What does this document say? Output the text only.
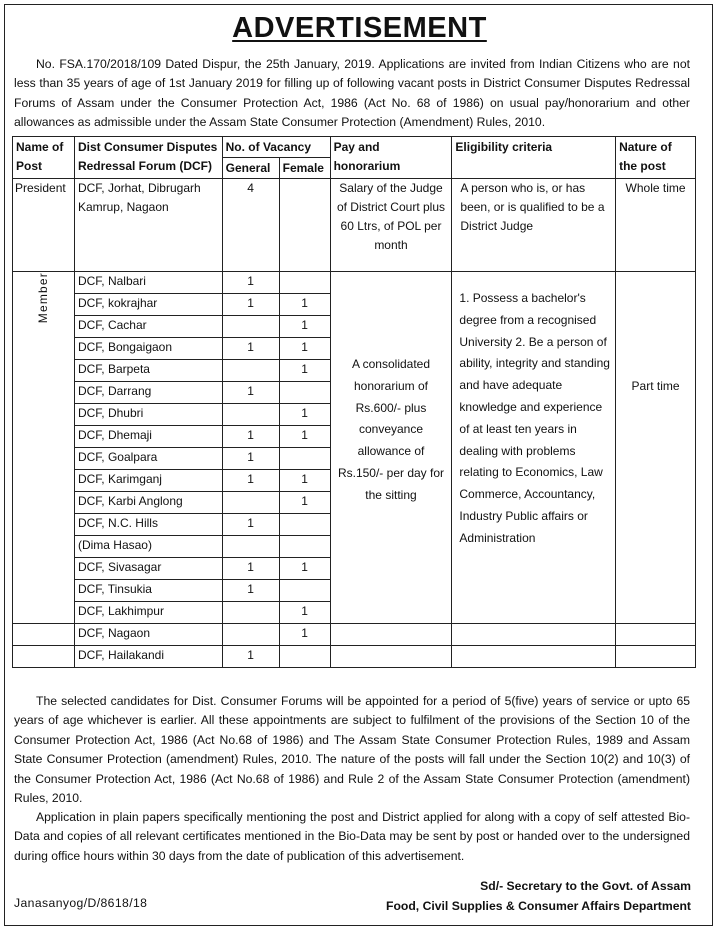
ADVERTISEMENT
No. FSA.170/2018/109 Dated Dispur, the 25th January, 2019. Applications are invited from Indian Citizens who are not less than 35 years of age of 1st January 2019 for filling up of following vacant posts in District Consumer Disputes Redressal Forums of Assam under the Consumer Protection Act, 1986 (Act No. 68 of 1986) on usual pay/honorarium and other allowances as admissible under the Assam State Consumer Protection (Amendment) Rules, 2010.
Name of Post	Dist Consumer Disputes Redressal Forum (DCF)	No. of Vacancy		Pay and honorarium	Eligibility criteria	Nature of the post
		General	Female			
President	DCF, Jorhat, Dibrugarh Kamrup, Nagaon	4		Salary of the Judge of District Court plus 60 Ltrs, of POL per month	A person who is, or has been, or is qualified to be a District Judge	Whole time
Member	DCF, Nalbari	1		A consolidated honorarium of Rs.600/- plus conveyance allowance of Rs.150/- per day for the sitting	1. Possess a bachelor's degree from a recognised University 2. Be a person of ability, integrity and standing and have adequate knowledge and experience of at least ten years in dealing with problems relating to Economics, Law Commerce, Accountancy, Industry Public affairs or Administration	Part time

	DCF, kokrajhar	1	1			
	DCF, Cachar		1			
	DCF, Bongaigaon	1	1			
	DCF, Barpeta		1			
	DCF, Darrang	1				
	DCF, Dhubri		1			
	DCF, Dhemaji	1	1			
	DCF, Goalpara	1				
	DCF, Karimganj	1	1			
	DCF, Karbi Anglong		1			
	DCF, N.C. Hills	1				
	(Dima Hasao)					
	DCF, Sivasagar	1	1			
	DCF, Tinsukia	1				
	DCF, Lakhimpur		1			
	DCF, Nagaon		1			
	DCF, Hailakandi	1				
The selected candidates for Dist. Consumer Forums will be appointed for a period of 5(five) years of service or upto 65 years of age whichever is earlier. All these appointments are subject to fulfilment of the provisions of the Section 10 of the Consumer Protection Act, 1986 (Act No.68 of 1986) and The Assam State Consumer Protection Rules, 1989 and Assam State Consumer Protection (amendment) Rules, 2010. The nature of the posts will fall under the Section 10(2) and 10(3) of the Consumer Protection Act, 1986 (Act No.68 of 1986) and Rule 2 of the Assam State Consumer Protection (amendment) Rules, 2010.
Application in plain papers specifically mentioning the post and District applied for along with a copy of self attested Bio-Data and copies of all relevant certificates mentioned in the Bio-Data may be sent by post or handed over to the undersigned during office hours within 30 days from the date of publication of this advertisement.
Sd/- Secretary to the Govt. of Assam
Food, Civil Supplies & Consumer Affairs Department
Janasanyog/D/8618/18
